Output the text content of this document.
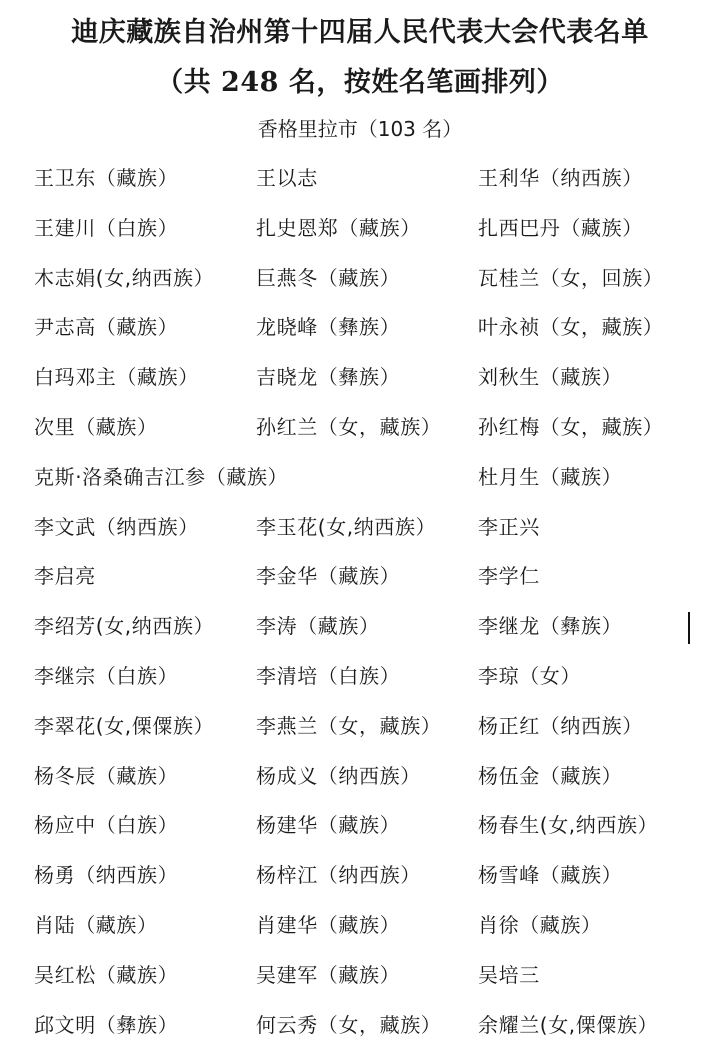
迪庆藏族自治州第十四届人民代表大会代表名单
（共 248 名，按姓名笔画排列）
香格里拉市（103 名）
王卫东（藏族）	王以志	王利华（纳西族）
王建川（白族）	扎史恩郑（藏族）	扎西巴丹（藏族）
木志娟(女,纳西族） 巨燕冬（藏族）	瓦桂兰（女，回族）
尹志高（藏族）	龙晓峰（彝族）	叶永祯（女，藏族）
白玛邓主（藏族）	吉晓龙（彝族）	刘秋生（藏族）
次里（藏族）	孙红兰（女，藏族） 孙红梅（女，藏族）
克斯·洛桑确吉江参（藏族）	杜月生（藏族）
李文武（纳西族）	李玉花(女,纳西族） 李正兴
李启亮	李金华（藏族）	李学仁
李绍芳(女,纳西族） 李涛（藏族）	李继龙（彝族）
李继宗（白族）	李清培（白族）	李琼（女）
李翠花(女,傈僳族） 李燕兰（女，藏族） 杨正红（纳西族）
杨冬辰（藏族）	杨成义（纳西族）	杨伍金（藏族）
杨应中（白族）	杨建华（藏族）	杨春生(女,纳西族）
杨勇（纳西族）	杨梓江（纳西族）	杨雪峰（藏族）
肖陆（藏族）	肖建华（藏族）	肖徐（藏族）
吴红松（藏族）	吴建军（藏族）	吴培三
邱文明（彝族）	何云秀（女，藏族） 余耀兰(女,傈僳族）
